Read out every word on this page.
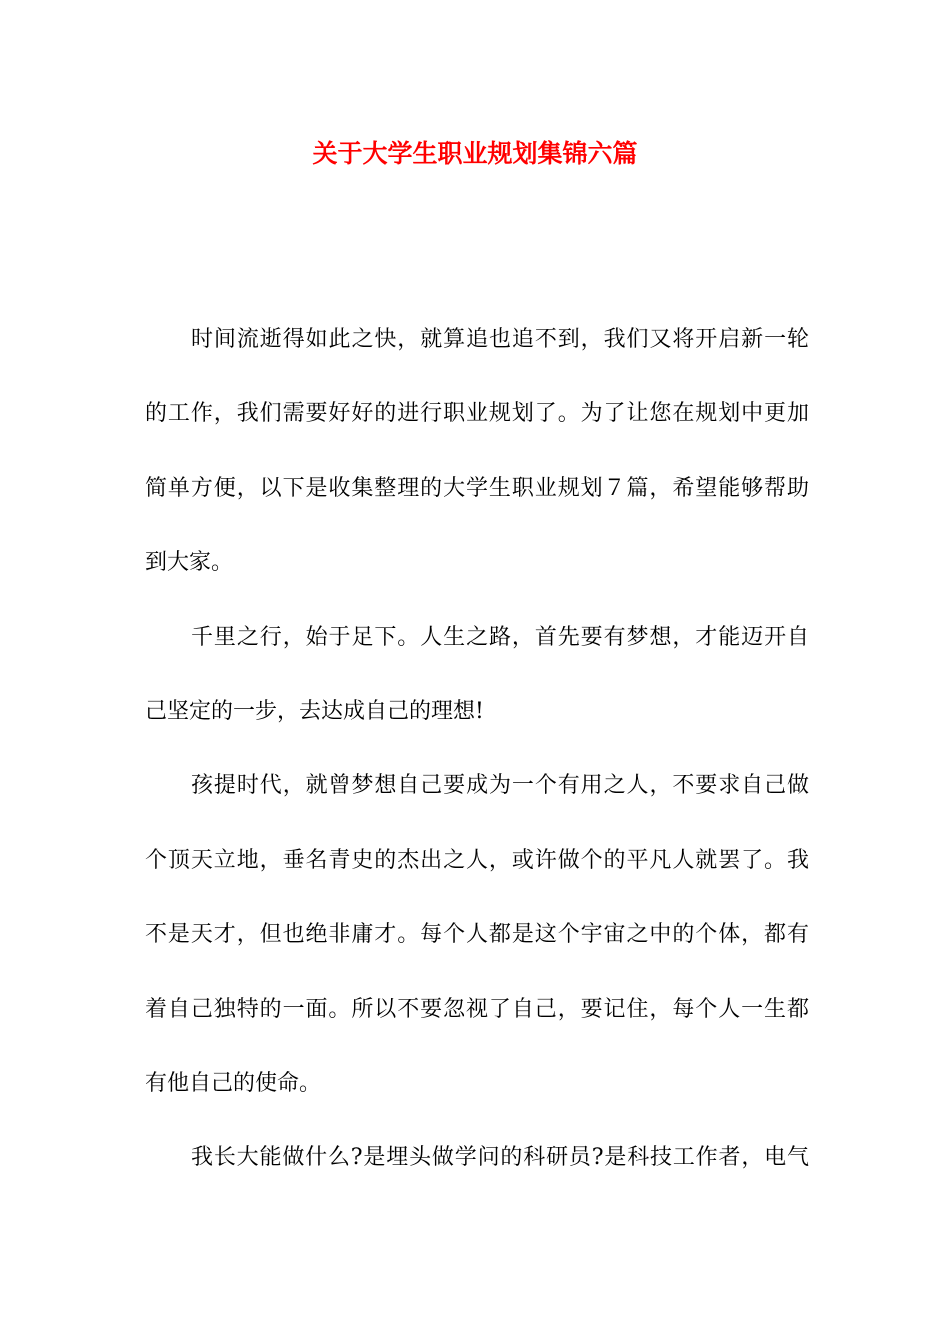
关于大学生职业规划集锦六篇
时间流逝得如此之快，就算追也追不到，我们又将开启新一轮
的工作，我们需要好好的进行职业规划了。为了让您在规划中更加
简单方便，以下是收集整理的大学生职业规划７篇，希望能够帮助
到大家。
千里之行，始于足下。人生之路，首先要有梦想，才能迈开自
己坚定的一步，去达成自己的理想!
孩提时代，就曾梦想自己要成为一个有用之人，不要求自己做
个顶天立地，垂名青史的杰出之人，或许做个的平凡人就罢了。我
不是天才，但也绝非庸才。每个人都是这个宇宙之中的个体，都有
着自己独特的一面。所以不要忽视了自己，要记住，每个人一生都
有他自己的使命。
我长大能做什么?是埋头做学问的科研员?是科技工作者，电气
